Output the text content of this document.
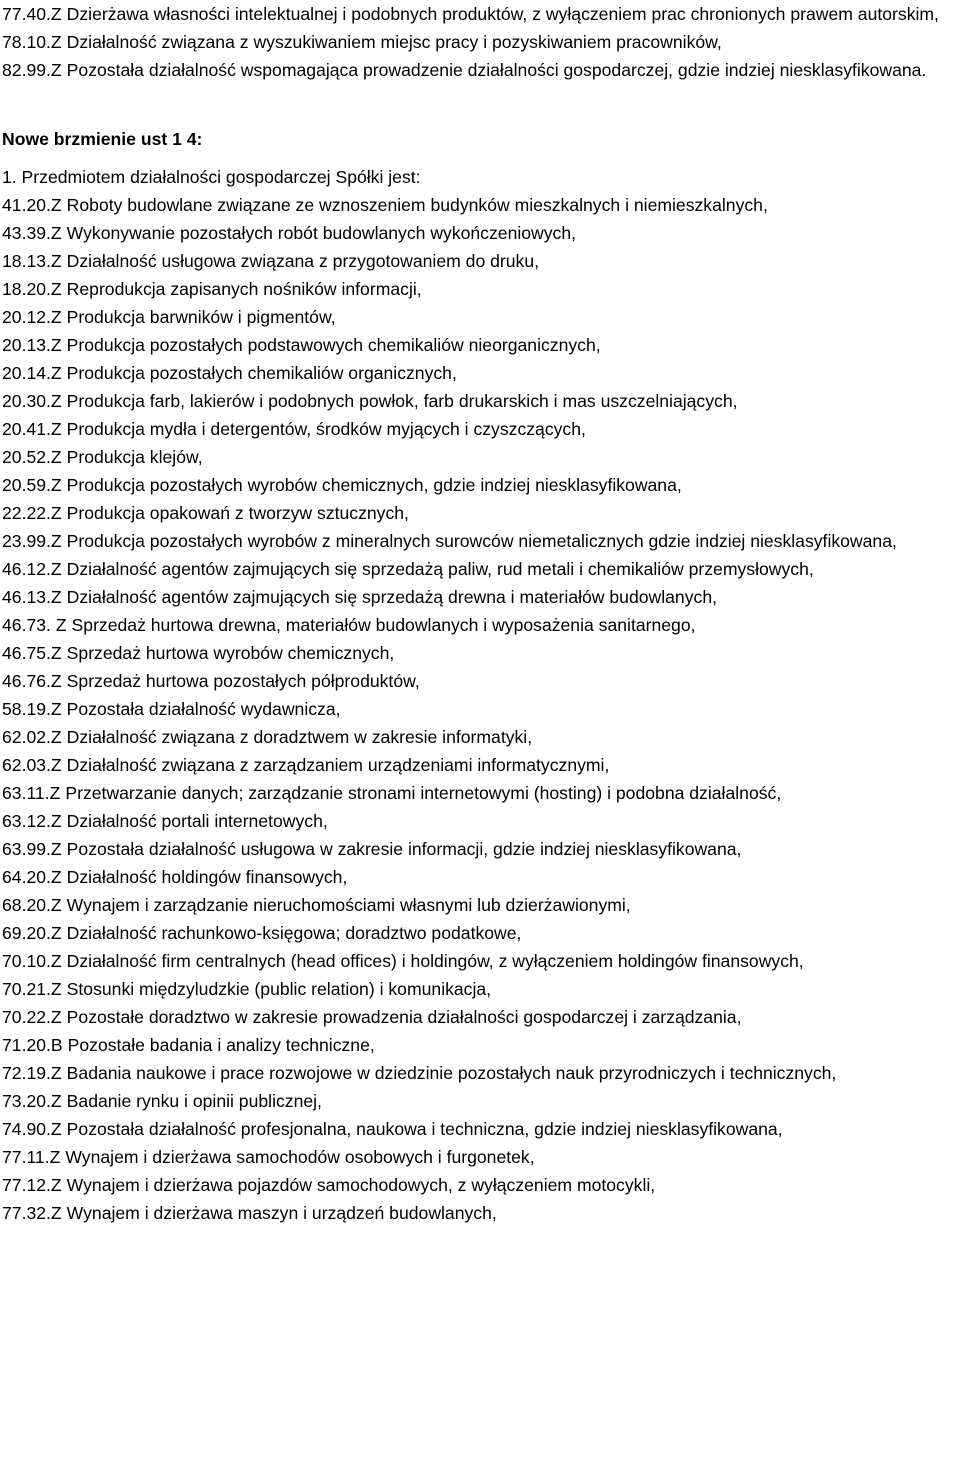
77.40.Z Dzierżawa własności intelektualnej i podobnych produktów, z wyłączeniem prac chronionych prawem autorskim,
78.10.Z Działalność związana z wyszukiwaniem miejsc pracy i pozyskiwaniem pracowników,
82.99.Z Pozostała działalność wspomagająca prowadzenie działalności gospodarczej, gdzie indziej niesklasyfikowana.
Nowe brzmienie ust 1 4:
1. Przedmiotem działalności gospodarczej Spółki jest:
41.20.Z Roboty budowlane związane ze wznoszeniem budynków mieszkalnych i niemieszkalnych,
43.39.Z Wykonywanie pozostałych robót budowlanych wykończeniowych,
18.13.Z Działalność usługowa związana z przygotowaniem do druku,
18.20.Z Reprodukcja zapisanych nośników informacji,
20.12.Z Produkcja barwników i pigmentów,
20.13.Z Produkcja pozostałych podstawowych chemikaliów nieorganicznych,
20.14.Z Produkcja pozostałych chemikaliów organicznych,
20.30.Z Produkcja farb, lakierów i podobnych powłok, farb drukarskich i mas uszczelniających,
20.41.Z Produkcja mydła i detergentów, środków myjących i czyszczących,
20.52.Z Produkcja klejów,
20.59.Z Produkcja pozostałych wyrobów chemicznych, gdzie indziej niesklasyfikowana,
22.22.Z Produkcja opakowań z tworzyw sztucznych,
23.99.Z Produkcja pozostałych wyrobów z mineralnych surowców niemetalicznych gdzie indziej niesklasyfikowana,
46.12.Z Działalność agentów zajmujących się sprzedażą paliw, rud metali i chemikaliów przemysłowych,
46.13.Z Działalność agentów zajmujących się sprzedażą drewna i materiałów budowlanych,
46.73. Z Sprzedaż hurtowa drewna, materiałów budowlanych i wyposażenia sanitarnego,
46.75.Z Sprzedaż hurtowa wyrobów chemicznych,
46.76.Z Sprzedaż hurtowa pozostałych półproduktów,
58.19.Z Pozostała działalność wydawnicza,
62.02.Z Działalność związana z doradztwem w zakresie informatyki,
62.03.Z Działalność związana z zarządzaniem urządzeniami informatycznymi,
63.11.Z Przetwarzanie danych; zarządzanie stronami internetowymi (hosting) i podobna działalność,
63.12.Z Działalność portali internetowych,
63.99.Z Pozostała działalność usługowa w zakresie informacji, gdzie indziej niesklasyfikowana,
64.20.Z Działalność holdingów finansowych,
68.20.Z Wynajem i zarządzanie nieruchomościami własnymi lub dzierżawionymi,
69.20.Z Działalność rachunkowo-księgowa; doradztwo podatkowe,
70.10.Z Działalność firm centralnych (head offices) i holdingów, z wyłączeniem holdingów finansowych,
70.21.Z Stosunki międzyludzkie (public relation) i komunikacja,
70.22.Z Pozostałe doradztwo w zakresie prowadzenia działalności gospodarczej i zarządzania,
71.20.B Pozostałe badania i analizy techniczne,
72.19.Z Badania naukowe i prace rozwojowe w dziedzinie pozostałych nauk przyrodniczych i technicznych,
73.20.Z Badanie rynku i opinii publicznej,
74.90.Z Pozostała działalność profesjonalna, naukowa i techniczna, gdzie indziej niesklasyfikowana,
77.11.Z Wynajem i dzierżawa samochodów osobowych i furgonetek,
77.12.Z Wynajem i dzierżawa pojazdów samochodowych, z wyłączeniem motocykli,
77.32.Z Wynajem i dzierżawa maszyn i urządzeń budowlanych,
